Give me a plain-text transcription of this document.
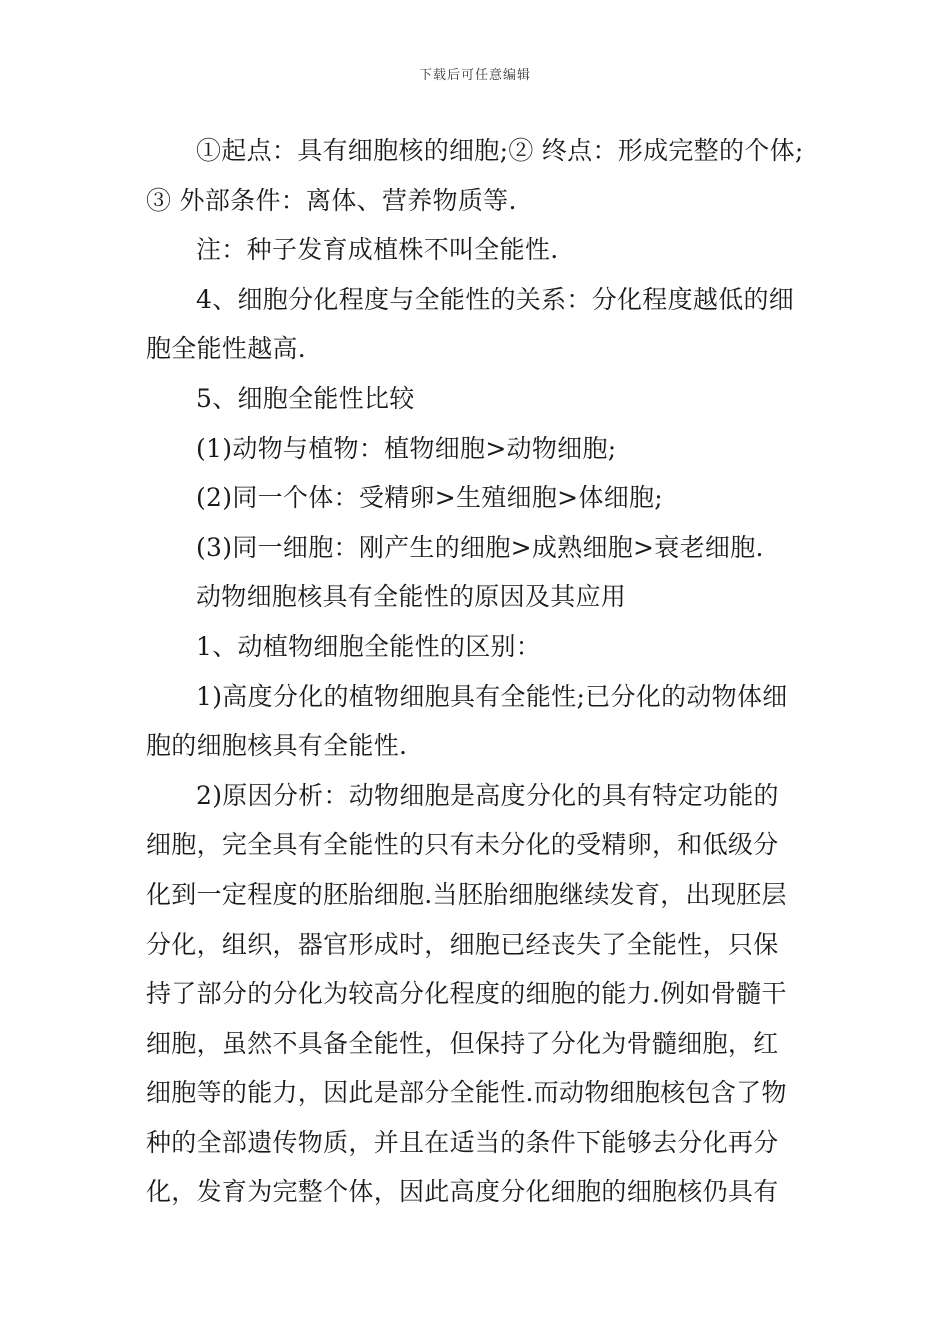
下载后可任意编辑
①起点：具有细胞核的细胞;② 终点：形成完整的个体;
③ 外部条件：离体、营养物质等.
注：种子发育成植株不叫全能性.
4、细胞分化程度与全能性的关系：分化程度越低的细
胞全能性越高.
5、细胞全能性比较
(1)动物与植物：植物细胞>动物细胞;
(2)同一个体：受精卵>生殖细胞>体细胞;
(3)同一细胞：刚产生的细胞>成熟细胞>衰老细胞.
动物细胞核具有全能性的原因及其应用
1、动植物细胞全能性的区别：
1)高度分化的植物细胞具有全能性;已分化的动物体细
胞的细胞核具有全能性.
2)原因分析：动物细胞是高度分化的具有特定功能的
细胞，完全具有全能性的只有未分化的受精卵，和低级分
化到一定程度的胚胎细胞.当胚胎细胞继续发育，出现胚层
分化，组织，器官形成时，细胞已经丧失了全能性，只保
持了部分的分化为较高分化程度的细胞的能力.例如骨髓干
细胞，虽然不具备全能性，但保持了分化为骨髓细胞，红
细胞等的能力，因此是部分全能性.而动物细胞核包含了物
种的全部遗传物质，并且在适当的条件下能够去分化再分
化，发育为完整个体，因此高度分化细胞的细胞核仍具有
